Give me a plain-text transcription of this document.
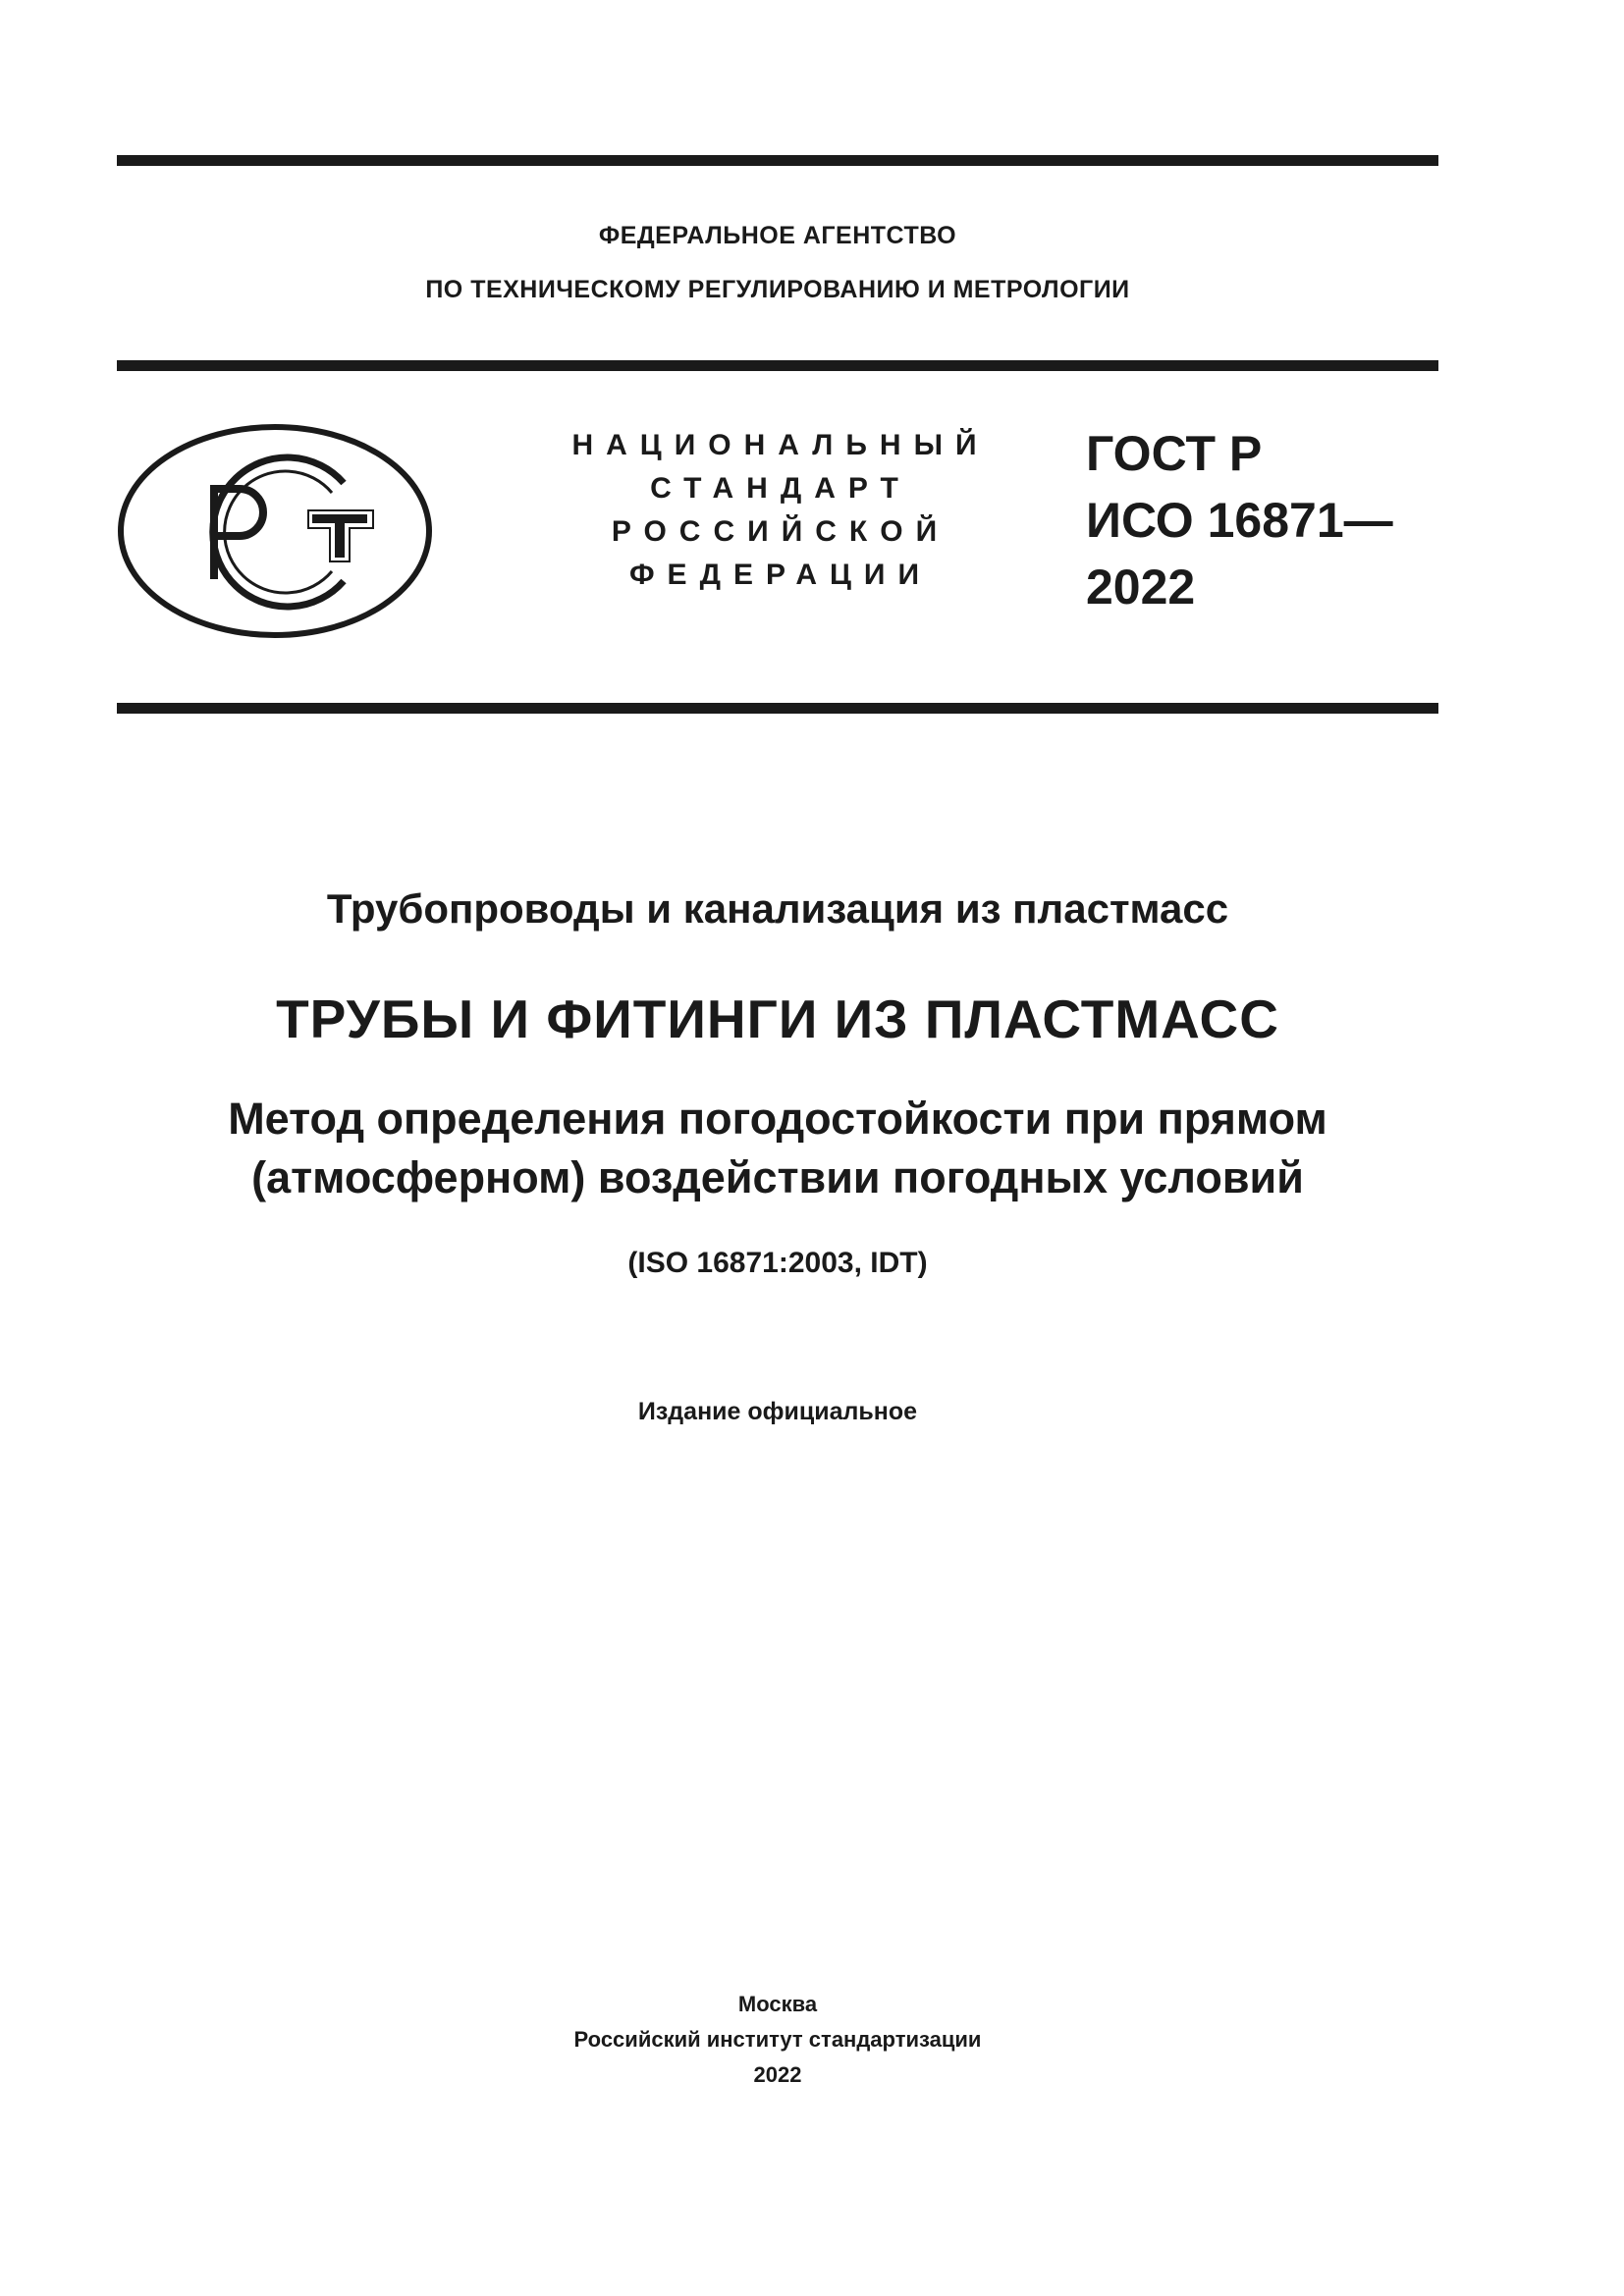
ФЕДЕРАЛЬНОЕ АГЕНТСТВО
ПО ТЕХНИЧЕСКОМУ РЕГУЛИРОВАНИЮ И МЕТРОЛОГИИ
НАЦИОНАЛЬНЫЙ
СТАНДАРТ
РОССИЙСКОЙ
ФЕДЕРАЦИИ
ГОСТ Р
ИСО 16871—
2022
Трубопроводы и канализация из пластмасс
ТРУБЫ И ФИТИНГИ ИЗ ПЛАСТМАСС
Метод определения погодостойкости при прямом
(атмосферном) воздействии погодных условий
(ISO 16871:2003, IDT)
Издание официальное
Москва
Российский институт стандартизации
2022
